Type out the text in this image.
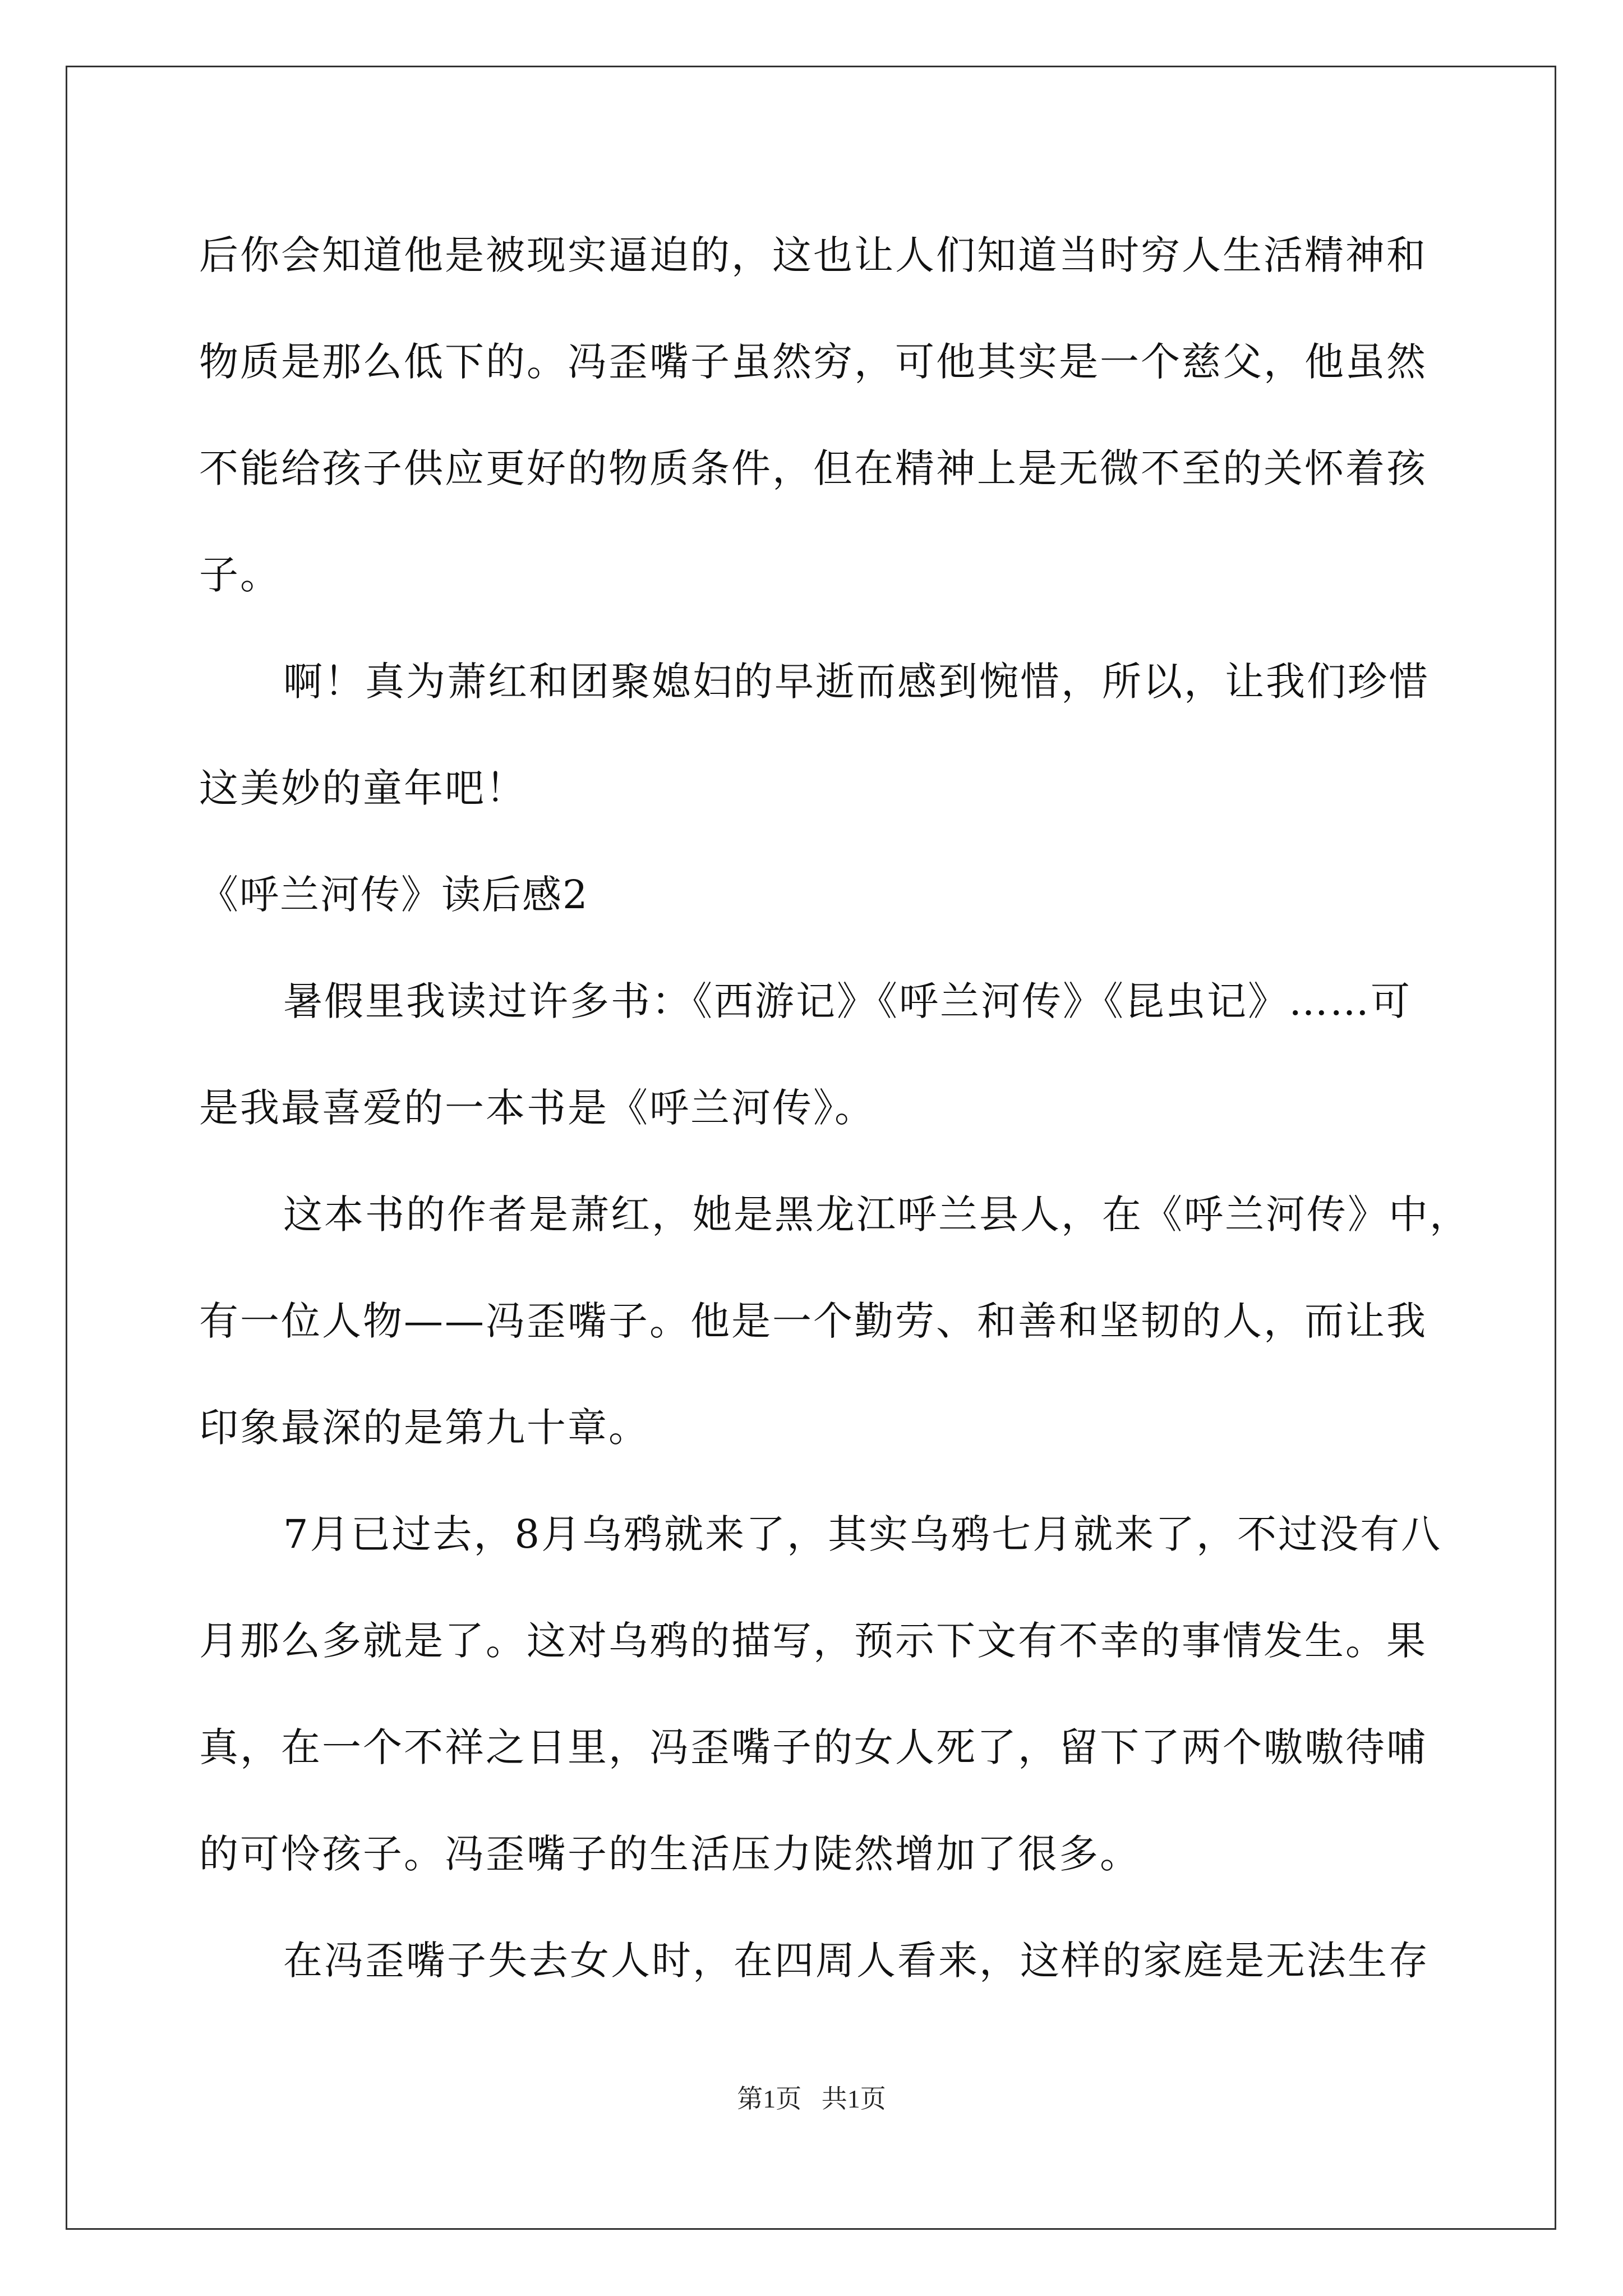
后你会知道他是被现实逼迫的，这也让人们知道当时穷人生活精神和
物质是那么低下的。冯歪嘴子虽然穷，可他其实是一个慈父，他虽然
不能给孩子供应更好的物质条件，但在精神上是无微不至的关怀着孩
子。
啊！真为萧红和团聚媳妇的早逝而感到惋惜，所以，让我们珍惜
这美妙的童年吧！
《呼兰河传》读后感2
暑假里我读过许多书：《西游记》《呼兰河传》《昆虫记》……可
是我最喜爱的一本书是《呼兰河传》。
这本书的作者是萧红，她是黑龙江呼兰县人，在《呼兰河传》中，
有一位人物——冯歪嘴子。他是一个勤劳、和善和坚韧的人，而让我
印象最深的是第九十章。
7月已过去，8月乌鸦就来了，其实乌鸦七月就来了，不过没有八
月那么多就是了。这对乌鸦的描写，预示下文有不幸的事情发生。果
真，在一个不祥之日里，冯歪嘴子的女人死了，留下了两个嗷嗷待哺
的可怜孩子。冯歪嘴子的生活压力陡然增加了很多。
在冯歪嘴子失去女人时，在四周人看来，这样的家庭是无法生存
第1页 共1页
